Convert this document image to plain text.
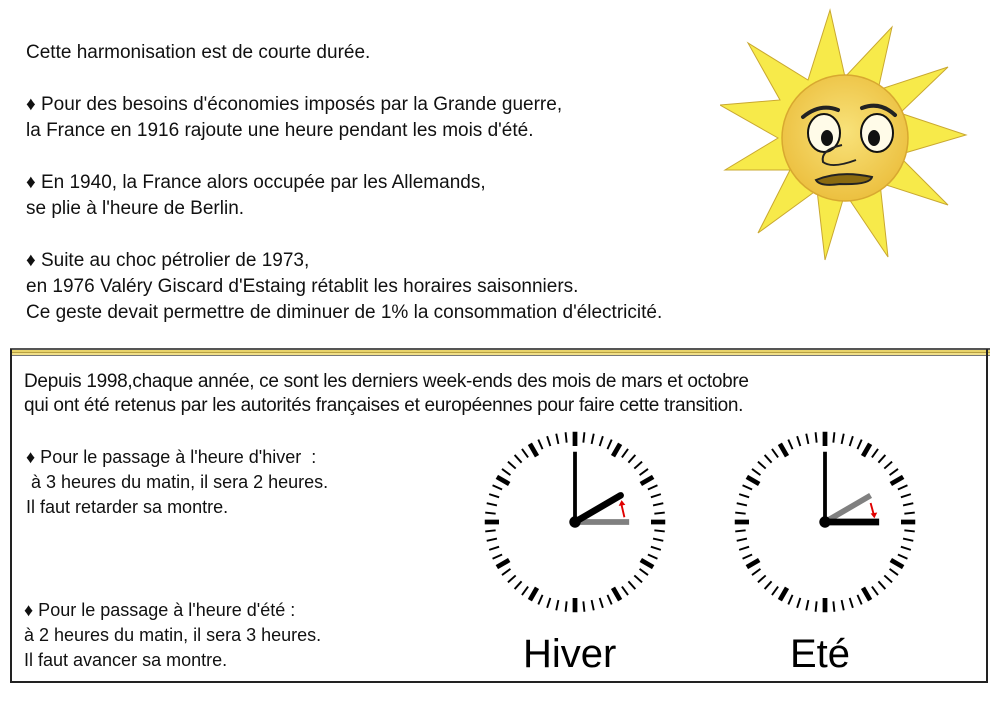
Cette harmonisation est de courte durée.

♦ Pour des besoins d'économies imposés par la Grande guerre,

la France en 1916 rajoute une heure pendant les mois d'été.

♦ En 1940, la France alors occupée par les Allemands,

se plie à l'heure de Berlin.

♦ Suite au choc pétrolier de 1973,

en 1976 Valéry Giscard d'Estaing rétablit les horaires saisonniers.

Ce geste devait permettre de diminuer de 1% la consommation d'électricité.

Depuis 1998,chaque année, ce sont les derniers week-ends des mois de mars et octobre

qui ont été retenus par les autorités françaises et européennes pour faire cette transition.

♦ Pour le passage à l'heure d'hiver  :

à 3 heures du matin, il sera 2 heures.

Il faut retarder sa montre.

♦ Pour le passage à l'heure d'été :

à 2 heures du matin, il sera 3 heures.

Il faut avancer sa montre.	Hiver	Eté
